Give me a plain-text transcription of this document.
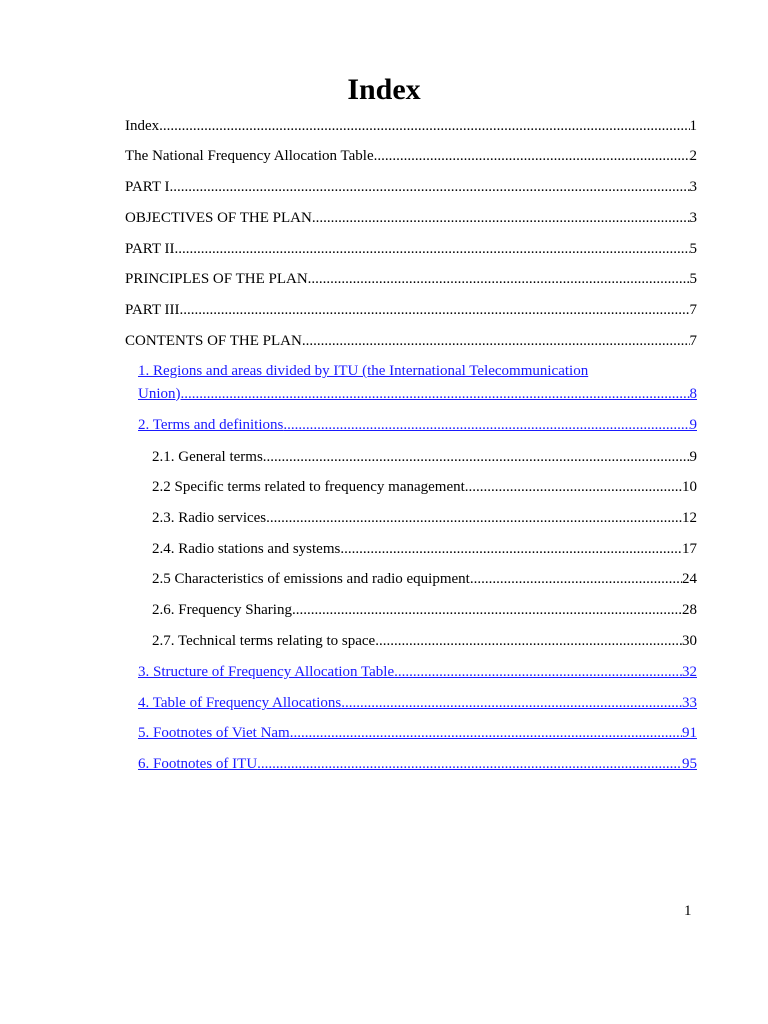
Index
Index .....	1
The National Frequency Allocation Table .....	2
PART I .....	3
OBJECTIVES OF THE PLAN .....	3
PART II .....	5
PRINCIPLES OF THE PLAN .....	5
PART III .....	7
CONTENTS OF THE PLAN .....	7
1. Regions and areas divided by ITU (the International Telecommunication
Union) .....	8
2. Terms and definitions .....	9
2.1. General terms .....	9
2.2 Specific terms related to frequency management .....	10
2.3. Radio services .....	12
2.4. Radio stations and systems .....	17
2.5 Characteristics of emissions and radio equipment .....	24
2.6. Frequency Sharing .....	28
2.7. Technical terms relating to space .....	30
3. Structure of Frequency Allocation Table .....	32
4. Table of Frequency Allocations .....	33
5. Footnotes of Viet Nam .....	91
6. Footnotes of ITU .....	95
1
